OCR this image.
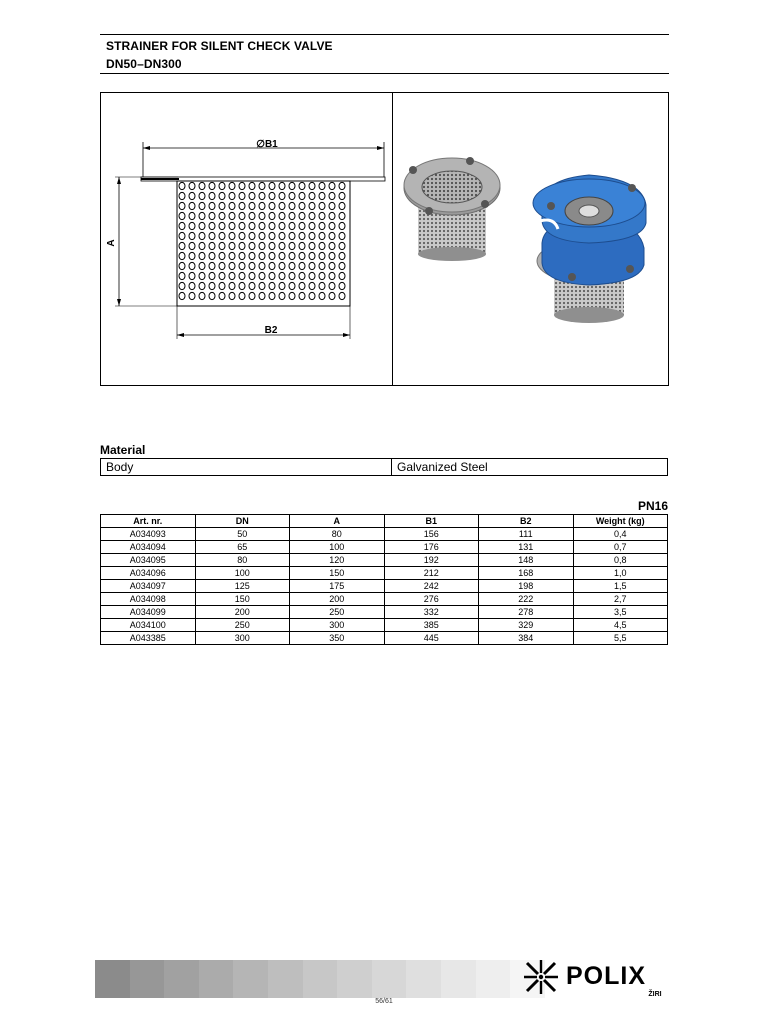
STRAINER FOR SILENT CHECK VALVE
DN50–DN300
∅B1
A
B2
Material
Body	Galvanized Steel
PN16
Art. nr.	DN	A	B1	B2	Weight (kg)
A034093	50	80	156	111	0,4
A034094	65	100	176	131	0,7
A034095	80	120	192	148	0,8
A034096	100	150	212	168	1,0
A034097	125	175	242	198	1,5
A034098	150	200	276	222	2,7
A034099	200	250	332	278	3,5
A034100	250	300	385	329	4,5
A043385	300	350	445	384	5,5
56/61
POLIX
ŽIRI
